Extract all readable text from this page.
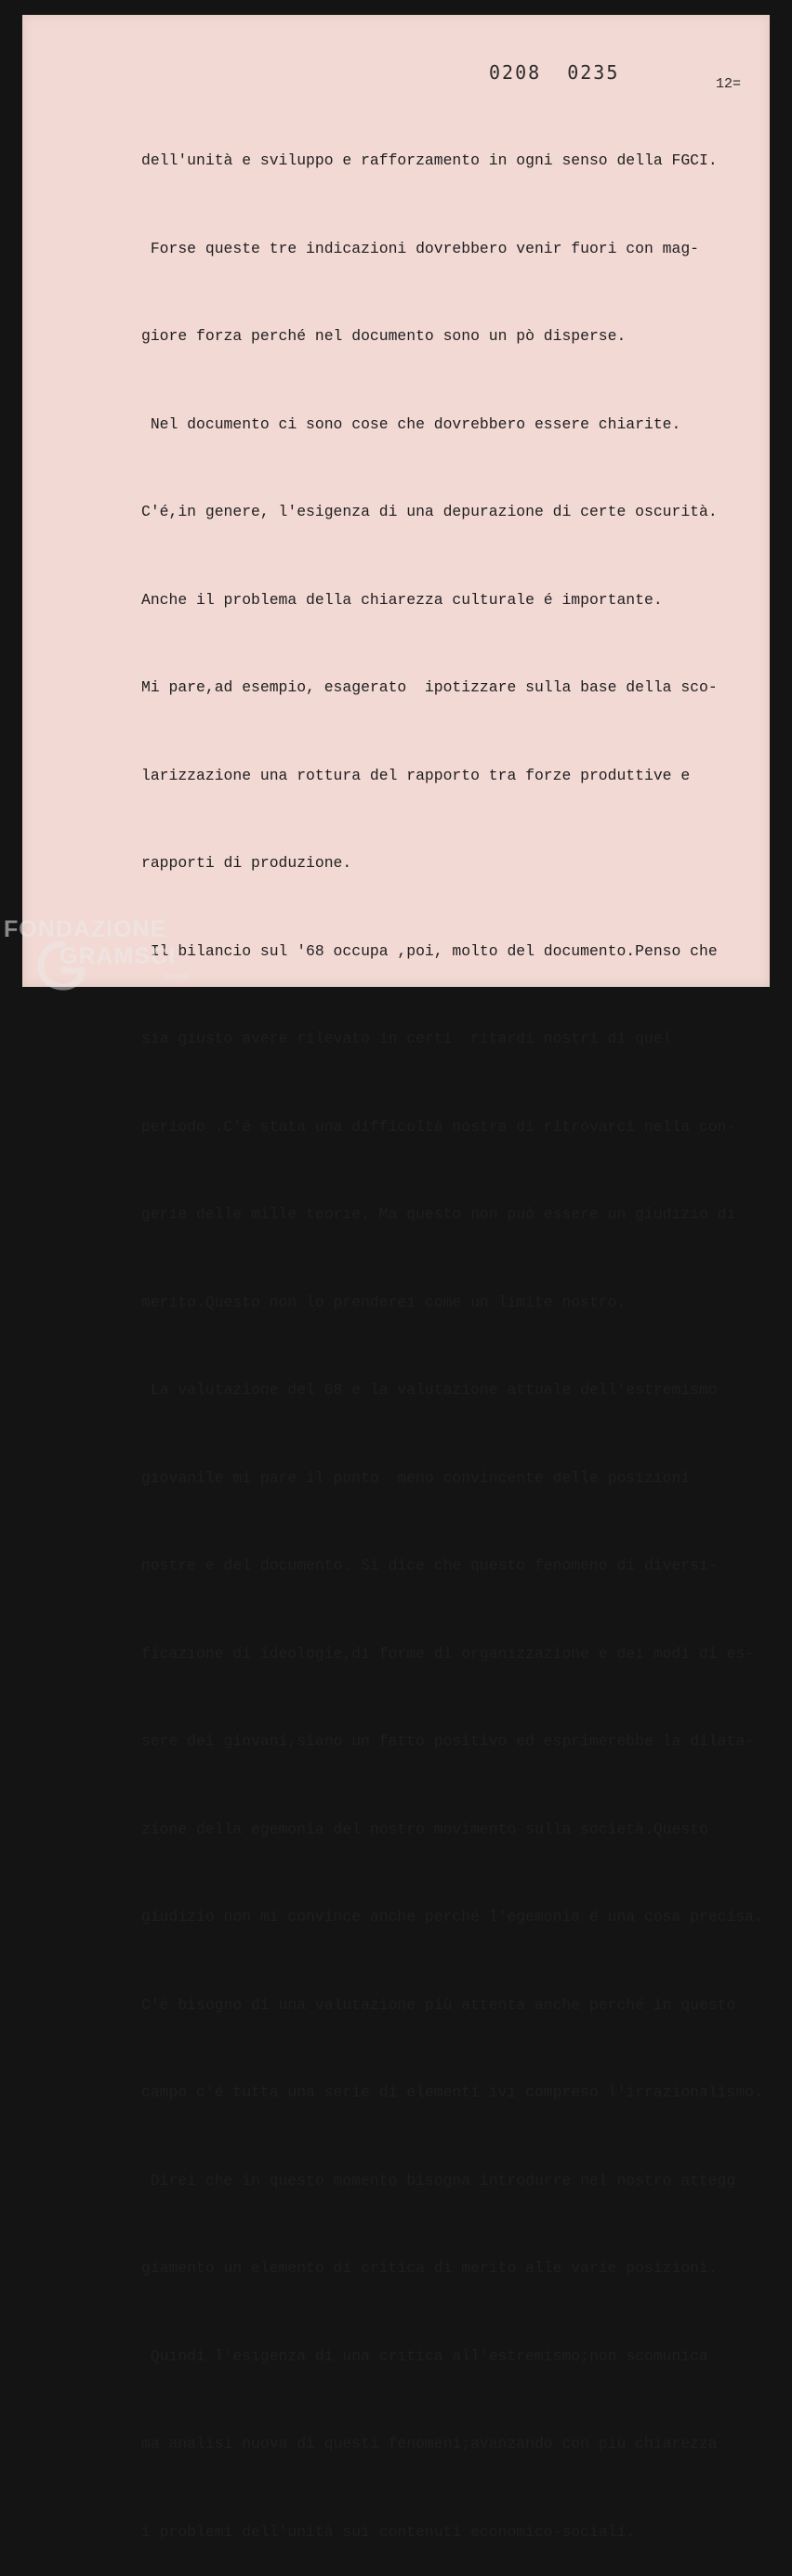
0208 0235
12=

dell'unità e sviluppo e rafforzamento in ogni senso della FGCI.

Forse queste tre indicazioni dovrebbero venir fuori con mag-

giore forza perché nel documento sono un pò disperse.

Nel documento ci sono cose che dovrebbero essere chiarite.

C'é,in genere, l'esigenza di una depurazione di certe oscurità.

Anche il problema della chiarezza culturale é importante.

Mi pare,ad esempio, esagerato  ipotizzare sulla base della sco-

larizzazione una rottura del rapporto tra forze produttive e

rapporti di produzione.

Il bilancio sul '68 occupa ,poi, molto del documento.Penso che

sia giusto avere rilevato in certi  ritardi nostri di quel

periodo .C'é stata una difficoltà nostra di ritrovarci nella con-

gerie delle mille teorie. Ma questo non può essere un giudizio di

merito.Questo non lo prenderei come un limite nostro.

La valutazione del 68 e la valutazione attuale dell'estremismo

giovanile mi pare il punto  meno convincente delle posizioni

nostre e del documento. Si dice che questo fenomeno di diversi-

ficazione di ideologie,di forme di organizzazione e dei modi di es-

sere dei giovani,siano un fatto positivo ed esprimerebbe la dilata-

zione della egemonia del nostro movimento sulla società.Questo

giudizio non mi convince anche perché l'egemonia é una cosa precisa.

C'é bisogno di una valutazione più attenta anche perché in questo

campo c'é tutta una serie di elementi ivi compreso l'irrazionalismo.

Direi che in questo momento bisogna introdurre nel nostro attegg

giamento un elemento di critica di merito alle varie posizioni.

Quindi l'esigenza di una critica all'estremismo;non scomunica

ma analisi nuova di questi fenomeni;avanzando con più chiarezza

i problemi dell'unità sui contenuti economico-sociali.

FONDAZIONE
GRAMSCI
onlus
